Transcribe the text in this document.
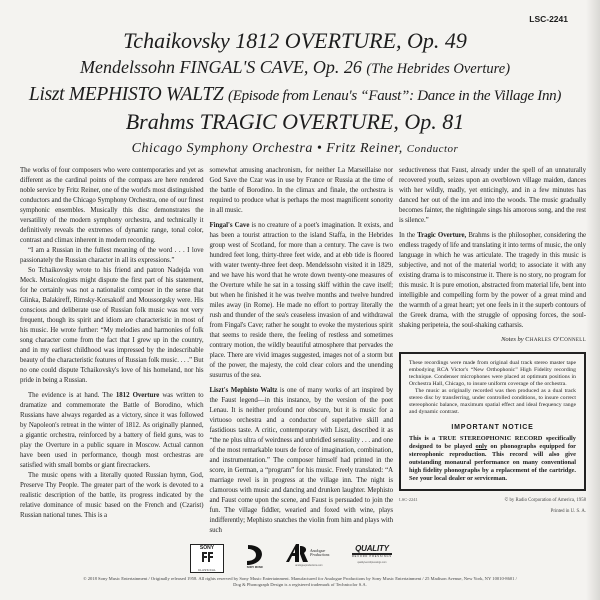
LSC-2241
Tchaikovsky 1812 OVERTURE, Op. 49
Mendelssohn FINGAL'S CAVE, Op. 26 (The Hebrides Overture)
Liszt MEPHISTO WALTZ (Episode from Lenau's “Faust”: Dance in the Village Inn)
Brahms TRAGIC OVERTURE, Op. 81
Chicago Symphony Orchestra • Fritz Reiner, Conductor

The works of four composers who were contemporaries and yet as different as the cardinal points of the compass are here rendered noble service by Fritz Reiner, one of the world's most distinguished conductors and the Chicago Symphony Orchestra, one of our finest symphonic ensembles. Musically this disc demonstrates the versatility of the modern symphony orchestra, and technically it definitively reveals the extremes of dynamic range, tonal color, contrast and climax inherent in modern recording.

“I am a Russian in the fullest meaning of the word . . . I love passionately the Russian character in all its expressions.”

So Tchaikovsky wrote to his friend and patron Nadejda von Meck. Musicologists might dispute the first part of his statement, for he certainly was not a nationalist composer in the sense that Glinka, Balakireff, Rimsky-Korsakoff and Moussorgsky were. His conscious and deliberate use of Russian folk music was not very frequent, though its spirit and idiom are characteristic in most of his music. He wrote further: “My melodies and harmonies of folk song character come from the fact that I grew up in the country, and in my earliest childhood was impressed by the indescribable beauty of the characteristic features of Russian folk music. . . .” But no one could dispute Tchaikovsky's love of his homeland, nor his pride in being a Russian.

The evidence is at hand. The 1812 Overture was written to dramatize and commemorate the Battle of Borodino, which Russians have always regarded as a victory, since it was followed by Napoleon's retreat in the winter of 1812. As originally planned, a gigantic orchestra, reinforced by a battery of field guns, was to play the Overture in a public square in Moscow. Actual cannon have been used in performance, though most orchestras are satisfied with small bombs or giant firecrackers.

The music opens with a literally quoted Russian hymn, God, Preserve Thy People. The greater part of the work is devoted to a realistic description of the battle, its progress indicated by the relative dominance of music based on the French and (Czarist) Russian national tunes. This is a

somewhat amusing anachronism, for neither La Marseillaise nor God Save the Czar was in use by France or Russia at the time of the battle of Borodino. In the climax and finale, the orchestra is required to produce what is perhaps the most magnificent sonority in all music.

Fingal's Cave is no creature of a poet's imagination. It exists, and has been a tourist attraction to the island Staffa, in the Hebrides group west of Scotland, for more than a century. The cave is two hundred feet long, thirty-three feet wide, and at ebb tide is floored with water twenty-three feet deep. Mendelssohn visited it in 1829, and we have his word that he wrote down twenty-one measures of the Overture while he sat in a tossing skiff within the cave itself; but when he finished it he was twelve months and twelve hundred miles away (in Rome). He made no effort to portray literally the rush and thunder of the sea's ceaseless invasion of and withdrawal from Fingal's Cave; rather he sought to evoke the mysterious spirit that seems to reside there, the feeling of restless and sometimes contrary motion, the wildly beautiful atmosphere that pervades the place. There are vivid images suggested, images not of a storm but of the power, the majesty, the cold clear colors and the unending susurrus of the sea.

Liszt's Mephisto Waltz is one of many works of art inspired by the Faust legend—in this instance, by the version of the poet Lenau. It is neither profound nor obscure, but it is music for a virtuoso orchestra and a conductor of superlative skill and fastidious taste. A critic, contemporary with Liszt, described it as “the ne plus ultra of weirdness and unbridled sensuality . . . and one of the most remarkable tours de force of imagination, combination, and instrumentation.” The composer himself had printed in the score, in German, a “program” for his music. Freely translated: “A marriage revel is in progress at the village inn. The night is clamorous with music and dancing and drunken laughter. Mephisto and Faust come upon the scene, and Faust is persuaded to join the fun. The village fiddler, wearied and foxed with wine, plays indifferently; Mephisto snatches the violin from him and plays with such

seductiveness that Faust, already under the spell of an unnaturally recovered youth, seizes upon an overblown village maiden, dances with her wildly, madly, yet enticingly, and in a few minutes has danced her out of the inn and into the woods. The music gradually becomes fainter, the nightingale sings his amorous song, and the rest is silence.”

In the Tragic Overture, Brahms is the philosopher, considering the endless tragedy of life and translating it into terms of music, the only language in which he was articulate. The tragedy in this music is subjective, and not of the material world; to associate it with any existing drama is to misconstrue it. There is no story, no program for this music. It is pure emotion, abstracted from material life, bent into intelligible and compelling form by the power of a great mind and the warmth of a great heart; yet one feels in it the superb contours of the Greek drama, with the struggle of opposing forces, the soul-shaking peripeteia, the soul-shaking catharsis.

Notes by Charles O'Connell

These recordings were made from original dual track stereo master tape embodying RCA Victor's “New Orthophonic” High Fidelity recording technique. Condenser microphones were placed at optimum positions in Orchestra Hall, Chicago, to insure uniform coverage of the orchestra.

The music as originally recorded was then produced as a dual track stereo disc by transferring, under controlled conditions, to insure correct stereophonic balance, maximum spatial effect and ideal frequency range and dynamic contrast.

IMPORTANT NOTICE
This is a TRUE STEREOPHONIC RECORD specifically designed to be played only on phonographs equipped for stereophonic reproduction. This record will also give outstanding monaural performance on many conventional high fidelity phonographs by a replacement of the cartridge. See your local dealer or serviceman.
LSC-2241	© by Radio Corporation of America, 1958
Printed in U. S. A.
SONY
CLASSICAL	SONY MUSIC
Analogue Productions
analogueproductions.com
QUALITY
RECORD PRESSINGS
qualityrecordpressings.com
© 2018 Sony Music Entertainment / Originally released 1958. All rights reserved by Sony Music Entertainment. Manufactured for Analogue Productions by Sony Music Entertainment / 25 Madison Avenue, New York, NY 10010-8601 /
Dog & Phonograph Design is a registered trademark of Technicolor S.A.
